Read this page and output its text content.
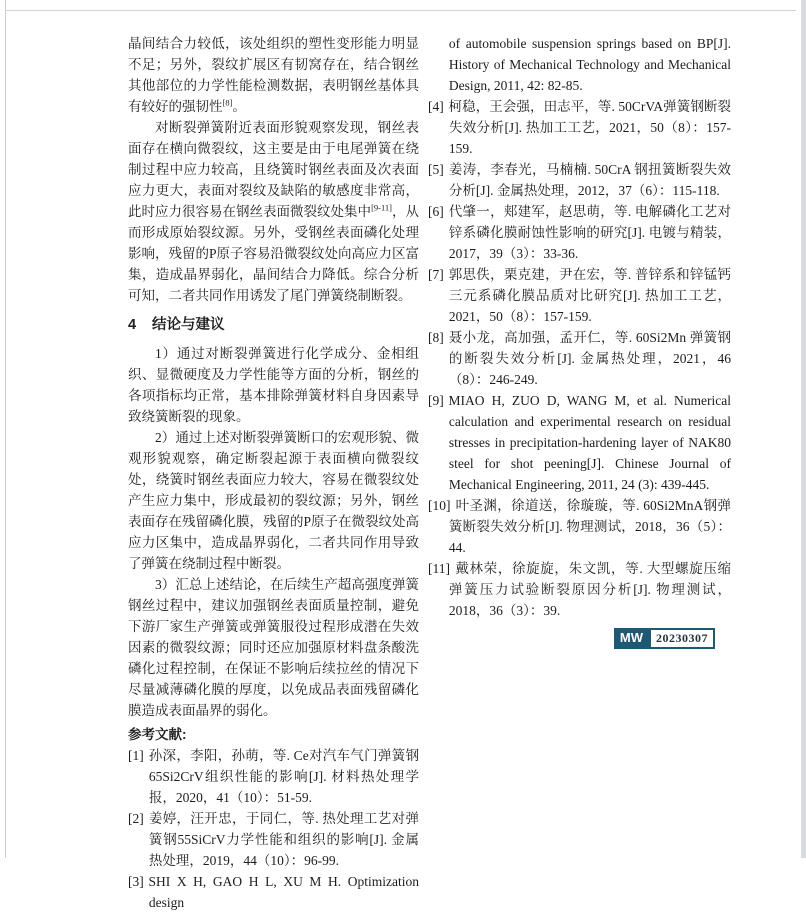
晶间结合力较低，该处组织的塑性变形能力明显不足；另外，裂纹扩展区有韧窝存在，结合钢丝其他部位的力学性能检测数据，表明钢丝基体具有较好的强韧性[8]。

对断裂弹簧附近表面形貌观察发现，钢丝表面存在横向微裂纹，这主要是由于电尾弹簧在绕制过程中应力较高，且绕簧时钢丝表面及次表面应力更大，表面对裂纹及缺陷的敏感度非常高，此时应力很容易在钢丝表面微裂纹处集中[9-11]，从而形成原始裂纹源。另外，受钢丝表面磷化处理影响，残留的P原子容易沿微裂纹处向高应力区富集，造成晶界弱化，晶间结合力降低。综合分析可知，二者共同作用诱发了尾门弹簧绕制断裂。

4 结论与建议

1）通过对断裂弹簧进行化学成分、金相组织、显微硬度及力学性能等方面的分析，钢丝的各项指标均正常，基本排除弹簧材料自身因素导致绕簧断裂的现象。

2）通过上述对断裂弹簧断口的宏观形貌、微观形貌观察，确定断裂起源于表面横向微裂纹处，绕簧时钢丝表面应力较大，容易在微裂纹处产生应力集中，形成最初的裂纹源；另外，钢丝表面存在残留磷化膜，残留的P原子在微裂纹处高应力区集中，造成晶界弱化，二者共同作用导致了弹簧在绕制过程中断裂。

3）汇总上述结论，在后续生产超高强度弹簧钢丝过程中，建议加强钢丝表面质量控制，避免下游厂家生产弹簧或弹簧服役过程形成潜在失效因素的微裂纹源；同时还应加强原材料盘条酸洗磷化过程控制，在保证不影响后续拉丝的情况下尽量减薄磷化膜的厚度，以免成品表面残留磷化膜造成表面晶界的弱化。

参考文献:
[1] 孙深，李阳，孙萌，等. Ce对汽车气门弹簧钢65Si2CrV组织性能的影响[J]. 材料热处理学报，2020，41（10）：51-59.
[2] 姜婷，汪开忠，于同仁，等. 热处理工艺对弹簧钢55SiCrV力学性能和组织的影响[J]. 金属热处理，2019，44（10）：96-99.
[3] SHI X H, GAO H L, XU M H. Optimization design
of automobile suspension springs based on BP[J]. History of Mechanical Technology and Mechanical Design, 2011, 42: 82-85.
[4] 柯稳，王会强，田志平，等. 50CrVA弹簧钢断裂失效分析[J]. 热加工工艺，2021，50（8）：157-159.
[5] 姜涛，李春光，马楠楠. 50CrA 钢扭簧断裂失效分析[J]. 金属热处理，2012，37（6）：115-118.
[6] 代肇一，郏建军，赵思萌，等. 电解磷化工艺对锌系磷化膜耐蚀性影响的研究[J]. 电镀与精装，2017，39（3）：33-36.
[7] 郭思佚，栗克建，尹在宏，等. 普锌系和锌锰钙三元系磷化膜品质对比研究[J]. 热加工工艺，2021，50（8）：157-159.
[8] 聂小龙，高加强，孟开仁，等. 60Si2Mn 弹簧钢的断裂失效分析[J]. 金属热处理，2021，46（8）：246-249.
[9] MIAO H, ZUO D, WANG M, et al. Numerical calculation and experimental research on residual stresses in precipitation-hardening layer of NAK80 steel for shot peening[J]. Chinese Journal of Mechanical Engineering, 2011, 24 (3): 439-445.
[10] 叶圣渊，徐道送，徐璇璇，等. 60Si2MnA钢弹簧断裂失效分析[J]. 物理测试，2018，36（5）：44.
[11] 戴林荣，徐旋旋，朱文凯，等. 大型螺旋压缩弹簧压力试验断裂原因分析[J]. 物理测试，2018，36（3）：39.
MW	20230307
